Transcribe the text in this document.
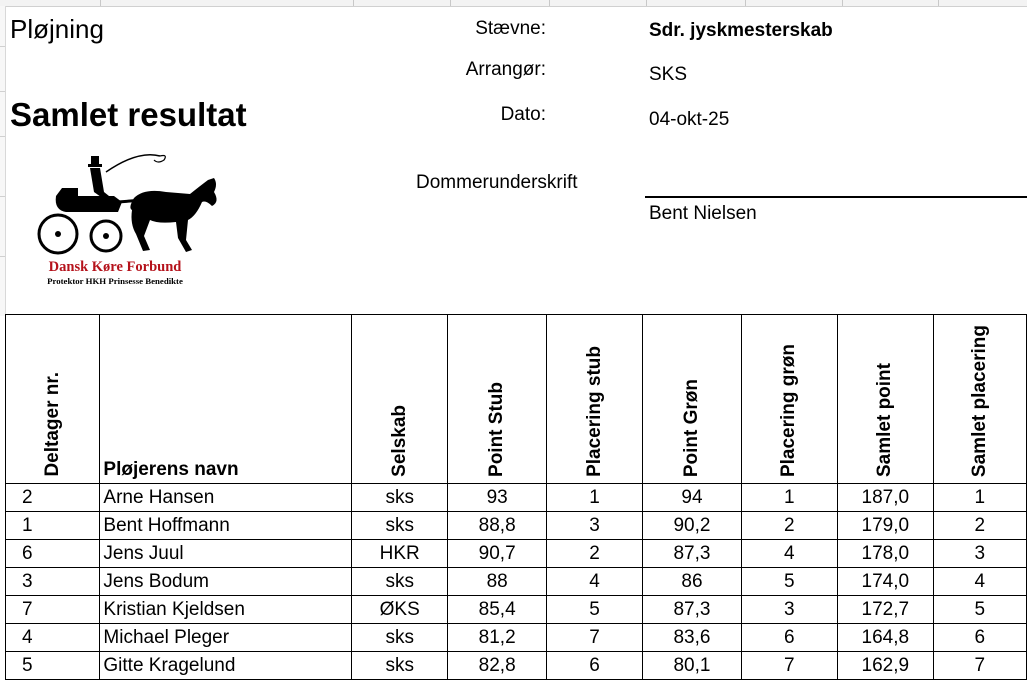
Pløjning
Samlet resultat
Stævne:	Sdr. jyskmesterskab
Arrangør:	SKS
Dato:	04-okt-25
Dommerunderskrift
Bent Nielsen
Dansk Køre Forbund
Protektor HKH Prinsesse Benedikte
Deltager nr.	Pløjerens navn	Selskab	Point Stub	Placering stub	Point Grøn	Placering grøn	Samlet point	Samlet placering
2	Arne Hansen	sks	93	1	94	1	187,0	1
1	Bent Hoffmann	sks	88,8	3	90,2	2	179,0	2
6	Jens Juul	HKR	90,7	2	87,3	4	178,0	3
3	Jens Bodum	sks	88	4	86	5	174,0	4
7	Kristian Kjeldsen	ØKS	85,4	5	87,3	3	172,7	5
4	Michael Pleger	sks	81,2	7	83,6	6	164,8	6
5	Gitte Kragelund	sks	82,8	6	80,1	7	162,9	7
